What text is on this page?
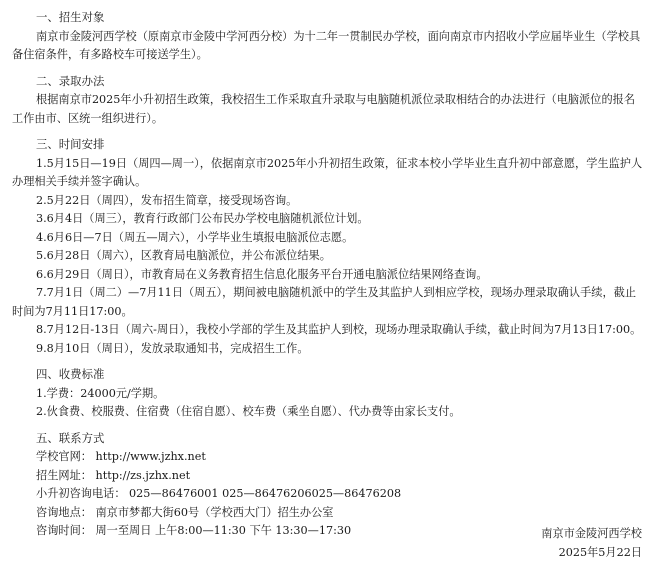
一、招生对象
南京市金陵河西学校（原南京市金陵中学河西分校）为十二年一贯制民办学校，面向南京市内招收小学应届毕业生（学校具备住宿条件，有多路校车可接送学生）。
二、录取办法
根据南京市2025年小升初招生政策，我校招生工作采取直升录取与电脑随机派位录取相结合的办法进行（电脑派位的报名工作由市、区统一组织进行）。
三、时间安排
1.5月15日—19日（周四—周一），依据南京市2025年小升初招生政策，征求本校小学毕业生直升初中部意愿，学生监护人办理相关手续并签字确认。
2.5月22日（周四），发布招生简章，接受现场咨询。
3.6月4日（周三），教育行政部门公布民办学校电脑随机派位计划。
4.6月6日—7日（周五—周六），小学毕业生填报电脑派位志愿。
5.6月28日（周六），区教育局电脑派位，并公布派位结果。
6.6月29日（周日），市教育局在义务教育招生信息化服务平台开通电脑派位结果网络查询。
7.7月1日（周二）—7月11日（周五），期间被电脑随机派中的学生及其监护人到相应学校，现场办理录取确认手续，截止时间为7月11日17:00。
8.7月12日-13日（周六-周日），我校小学部的学生及其监护人到校，现场办理录取确认手续，截止时间为7月13日17:00。
9.8月10日（周日），发放录取通知书，完成招生工作。
四、收费标准
1.学费：24000元/学期。
2.伙食费、校服费、住宿费（住宿自愿）、校车费（乘坐自愿）、代办费等由家长支付。
五、联系方式
学校官网： http://www.jzhx.net
招生网址： http://zs.jzhx.net
小升初咨询电话： 025—86476001 025—86476206025—86476208
咨询地点： 南京市梦都大街60号（学校西大门）招生办公室
咨询时间： 周一至周日 上午8:00—11:30 下午 13:30—17:30	南京市金陵河西学校
2025年5月22日
